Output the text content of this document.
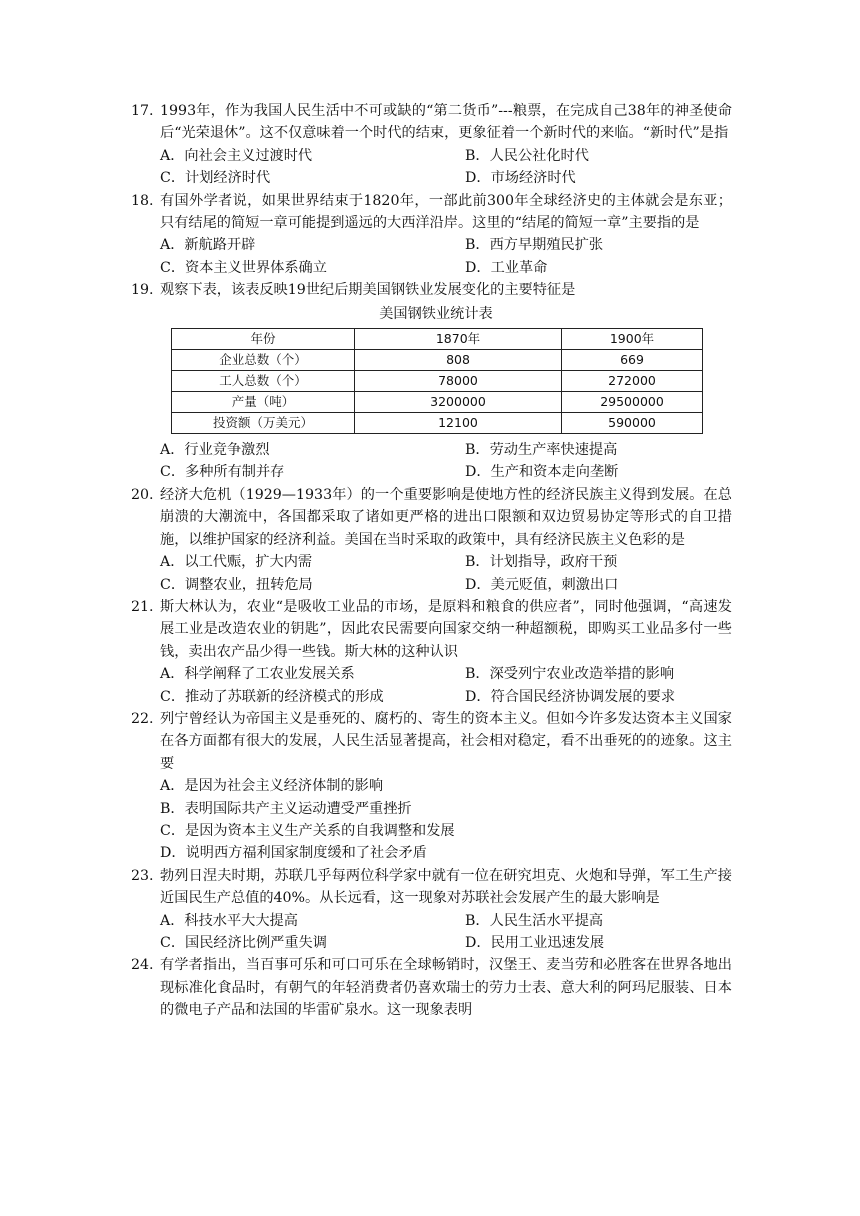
17. 1993年，作为我国人民生活中不可或缺的“第二货币”---粮票，在完成自己38年的神圣使命后“光荣退休”。这不仅意味着一个时代的结束，更象征着一个新时代的来临。“新时代”是指
A．向社会主义过渡时代	B．人民公社化时代
C．计划经济时代	D．市场经济时代
18. 有国外学者说，如果世界结束于1820年，一部此前300年全球经济史的主体就会是东亚；只有结尾的简短一章可能提到遥远的大西洋沿岸。这里的“结尾的简短一章”主要指的是
A．新航路开辟	B．西方早期殖民扩张
C．资本主义世界体系确立	D．工业革命
19. 观察下表，该表反映19世纪后期美国钢铁业发展变化的主要特征是
美国钢铁业统计表
年份	1870年	1900年
企业总数（个）	808	669
工人总数（个）	78000	272000
产量（吨）	3200000	29500000
投资额（万美元）	12100	590000
A．行业竞争激烈	B．劳动生产率快速提高
C．多种所有制并存	D．生产和资本走向垄断
20. 经济大危机（1929—1933年）的一个重要影响是使地方性的经济民族主义得到发展。在总崩溃的大潮流中，各国都采取了诸如更严格的进出口限额和双边贸易协定等形式的自卫措施，以维护国家的经济利益。美国在当时采取的政策中，具有经济民族主义色彩的是
A．以工代赈，扩大内需	B．计划指导，政府干预
C．调整农业，扭转危局	D．美元贬值，刺激出口
21. 斯大林认为，农业“是吸收工业品的市场，是原料和粮食的供应者”，同时他强调，“高速发展工业是改造农业的钥匙”，因此农民需要向国家交纳一种超额税，即购买工业品多付一些钱，卖出农产品少得一些钱。斯大林的这种认识
A．科学阐释了工农业发展关系	B．深受列宁农业改造举措的影响
C．推动了苏联新的经济模式的形成	D．符合国民经济协调发展的要求
22. 列宁曾经认为帝国主义是垂死的、腐朽的、寄生的资本主义。但如今许多发达资本主义国家在各方面都有很大的发展，人民生活显著提高，社会相对稳定，看不出垂死的的迹象。这主要
A．是因为社会主义经济体制的影响
B．表明国际共产主义运动遭受严重挫折
C．是因为资本主义生产关系的自我调整和发展
D．说明西方福利国家制度缓和了社会矛盾
23. 勃列日涅夫时期，苏联几乎每两位科学家中就有一位在研究坦克、火炮和导弹，军工生产接近国民生产总值的40%。从长远看，这一现象对苏联社会发展产生的最大影响是
A．科技水平大大提高	B．人民生活水平提高
C．国民经济比例严重失调	D．民用工业迅速发展
24. 有学者指出，当百事可乐和可口可乐在全球畅销时，汉堡王、麦当劳和必胜客在世界各地出现标准化食品时，有朝气的年轻消费者仍喜欢瑞士的劳力士表、意大利的阿玛尼服装、日本的微电子产品和法国的毕雷矿泉水。这一现象表明
